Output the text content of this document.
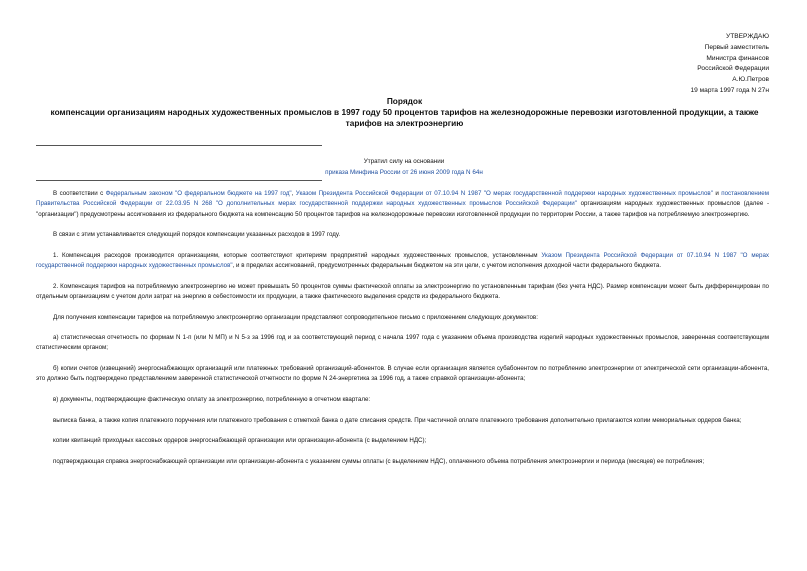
УТВЕРЖДАЮ
Первый заместитель
Министра финансов
Российской Федерации
А.Ю.Петров
19 марта 1997 года N 27н
Порядок
компенсации организациям народных художественных промыслов в 1997 году 50 процентов тарифов на железнодорожные перевозки изготовленной продукции, а также тарифов на электроэнергию
Утратил силу на основании
приказа Минфина России от 26 июня 2009 года N 64н

В соответствии с Федеральным законом "О федеральном бюджете на 1997 год", Указом Президента Российской Федерации от 07.10.94 N 1987 "О мерах государственной поддержки народных художественных промыслов" и постановлением Правительства Российской Федерации от 22.03.95 N 268 "О дополнительных мерах государственной поддержки народных художественных промыслов Российской Федерации" организациям народных художественных промыслов (далее - "организации") предусмотрены ассигнования из федерального бюджета на компенсацию 50 процентов тарифов на железнодорожные перевозки изготовленной продукции по территории России, а также тарифов на потребляемую электроэнергию.

В связи с этим устанавливается следующий порядок компенсации указанных расходов в 1997 году.

1. Компенсация расходов производится организациям, которые соответствуют критериям предприятий народных художественных промыслов, установленным Указом Президента Российской Федерации от 07.10.94 N 1987 "О мерах государственной поддержки народных художественных промыслов", и в пределах ассигнований, предусмотренных федеральным бюджетом на эти цели, с учетом исполнения доходной части федерального бюджета.

2. Компенсация тарифов на потребляемую электроэнергию не может превышать 50 процентов суммы фактической оплаты за электроэнергию по установленным тарифам (без учета НДС). Размер компенсации может быть дифференцирован по отдельным организациям с учетом доли затрат на энергию в себестоимости их продукции, а также фактического выделения средств из федерального бюджета.

Для получения компенсации тарифов на потребляемую электроэнергию организации представляют сопроводительное письмо с приложением следующих документов:

а) статистическая отчетность по формам N 1-п (или N МП) и N 5-з за 1996 год и за соответствующий период с начала 1997 года с указанием объема производства изделий народных художественных промыслов, заверенная соответствующим статистическим органом;

б) копии счетов (извещений) энергоснабжающих организаций или платежных требований организаций-абонентов. В случае если организация является субабонентом по потреблению электроэнергии от электрической сети организации-абонента, это должно быть подтверждено представлением заверенной статистической отчетности по форме N 24-энергетика за 1996 год, а также справкой организации-абонента;

в) документы, подтверждающие фактическую оплату за электроэнергию, потребленную в отчетном квартале:

выписка банка, а также копия платежного поручения или платежного требования с отметкой банка о дате списания средств. При частичной оплате платежного требования дополнительно прилагаются копии мемориальных ордеров банка;

копии квитанций приходных кассовых ордеров энергоснабжающей организации или организации-абонента (с выделением НДС);

подтверждающая справка энергоснабжающей организации или организации-абонента с указанием суммы оплаты (с выделением НДС), оплаченного объема потребления электроэнергии и периода (месяцев) ее потребления;
